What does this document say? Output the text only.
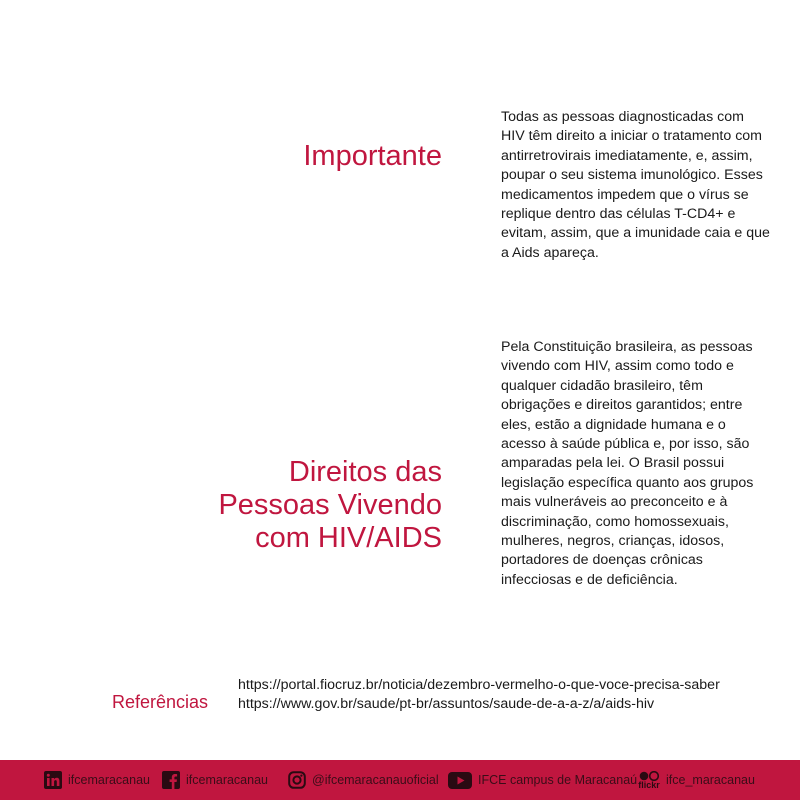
Importante

Todas as pessoas diagnosticadas com HIV têm direito a iniciar o tratamento com antirretrovirais imediatamente, e, assim, poupar o seu sistema imunológico. Esses medicamentos impedem que o vírus se replique dentro das células T-CD4+ e evitam, assim, que a imunidade caia e que a Aids apareça.

Direitos das
Pessoas Vivendo
com HIV/AIDS

Pela Constituição brasileira, as pessoas vivendo com HIV, assim como todo e qualquer cidadão brasileiro, têm obrigações e direitos garantidos; entre eles, estão a dignidade humana e o acesso à saúde pública e, por isso, são amparadas pela lei. O Brasil possui legislação específica quanto aos grupos mais vulneráveis ao preconceito e à discriminação, como homossexuais, mulheres, negros, crianças, idosos, portadores de doenças crônicas infecciosas e de deficiência.

Referências
https://portal.fiocruz.br/noticia/dezembro-vermelho-o-que-voce-precisa-saber
https://www.gov.br/saude/pt-br/assuntos/saude-de-a-a-z/a/aids-hiv
ifcemaracanau	ifcemaracanau	@ifcemaracanauoficial	IFCE campus de Maracanaú flickr ifce_maracanau
